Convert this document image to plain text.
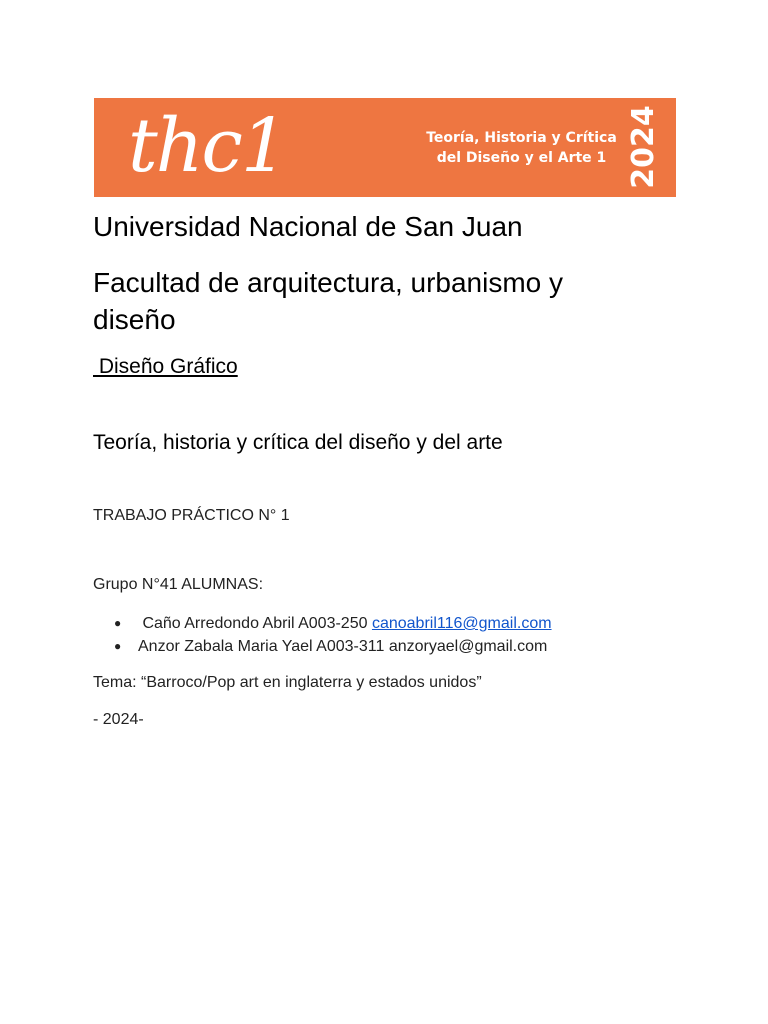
thc1	Teoría, Historia y Crítica
del Diseño y el Arte 1 2024
Universidad Nacional de San Juan
Facultad de arquitectura, urbanismo y diseño
Diseño Gráfico
Teoría, historia y crítica del diseño y del arte
TRABAJO PRÁCTICO N° 1
Grupo N°41 ALUMNAS:
● Caño Arredondo Abril A003-250 canoabril116@gmail.com
● Anzor Zabala Maria Yael A003-311 anzoryael@gmail.com
Tema: “Barroco/Pop art en inglaterra y estados unidos”
- 2024-
